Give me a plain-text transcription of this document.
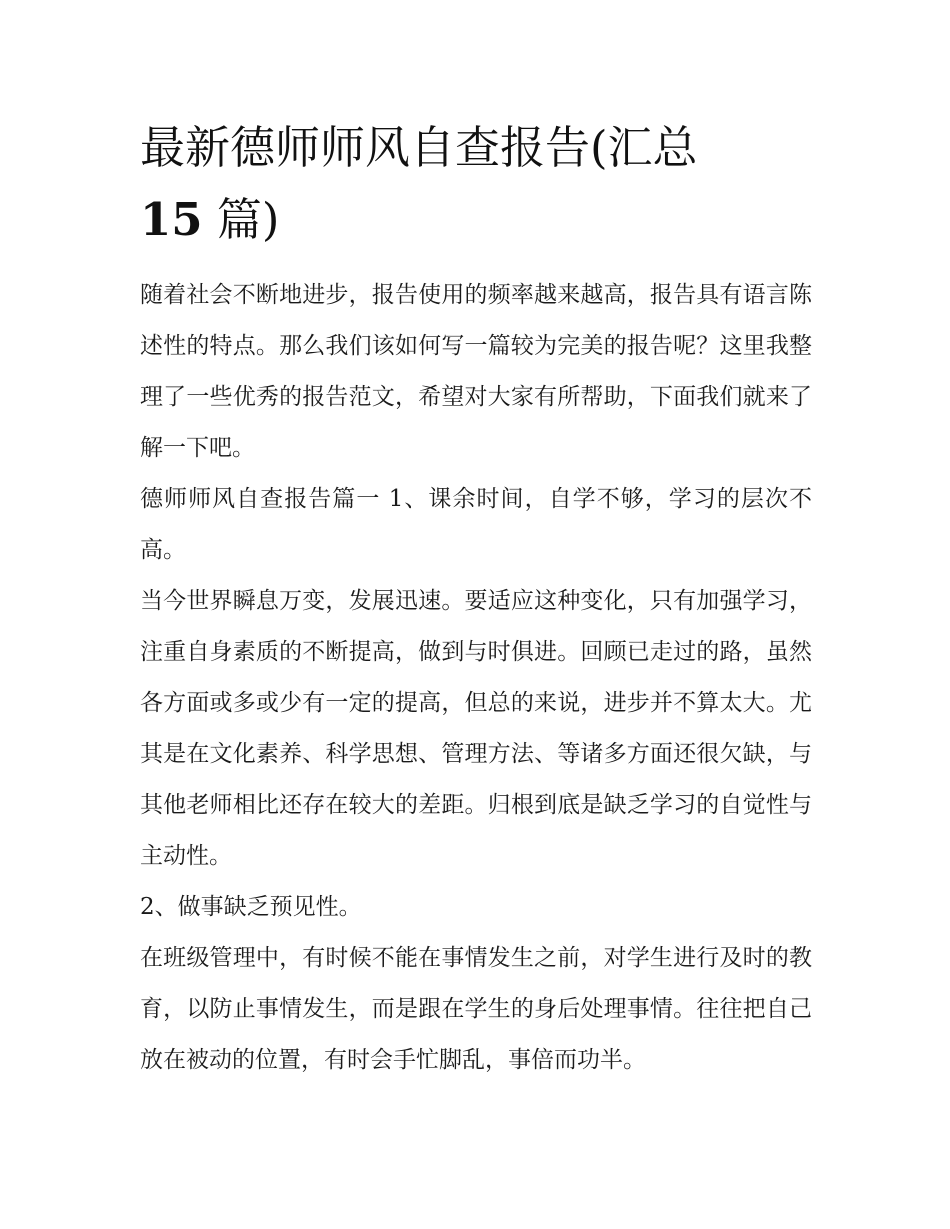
最新德师师风自查报告(汇总
15 篇)

随着社会不断地进步，报告使用的频率越来越高，报告具有语言陈述性的特点。那么我们该如何写一篇较为完美的报告呢？这里我整理了一些优秀的报告范文，希望对大家有所帮助，下面我们就来了解一下吧。

德师师风自查报告篇一 1、课余时间，自学不够，学习的层次不高。

当今世界瞬息万变，发展迅速。要适应这种变化，只有加强学习，注重自身素质的不断提高，做到与时俱进。回顾已走过的路，虽然各方面或多或少有一定的提高，但总的来说，进步并不算太大。尤其是在文化素养、科学思想、管理方法、等诸多方面还很欠缺，与其他老师相比还存在较大的差距。归根到底是缺乏学习的自觉性与主动性。

2、做事缺乏预见性。

在班级管理中，有时候不能在事情发生之前，对学生进行及时的教育，以防止事情发生，而是跟在学生的身后处理事情。往往把自己放在被动的位置，有时会手忙脚乱，事倍而功半。
